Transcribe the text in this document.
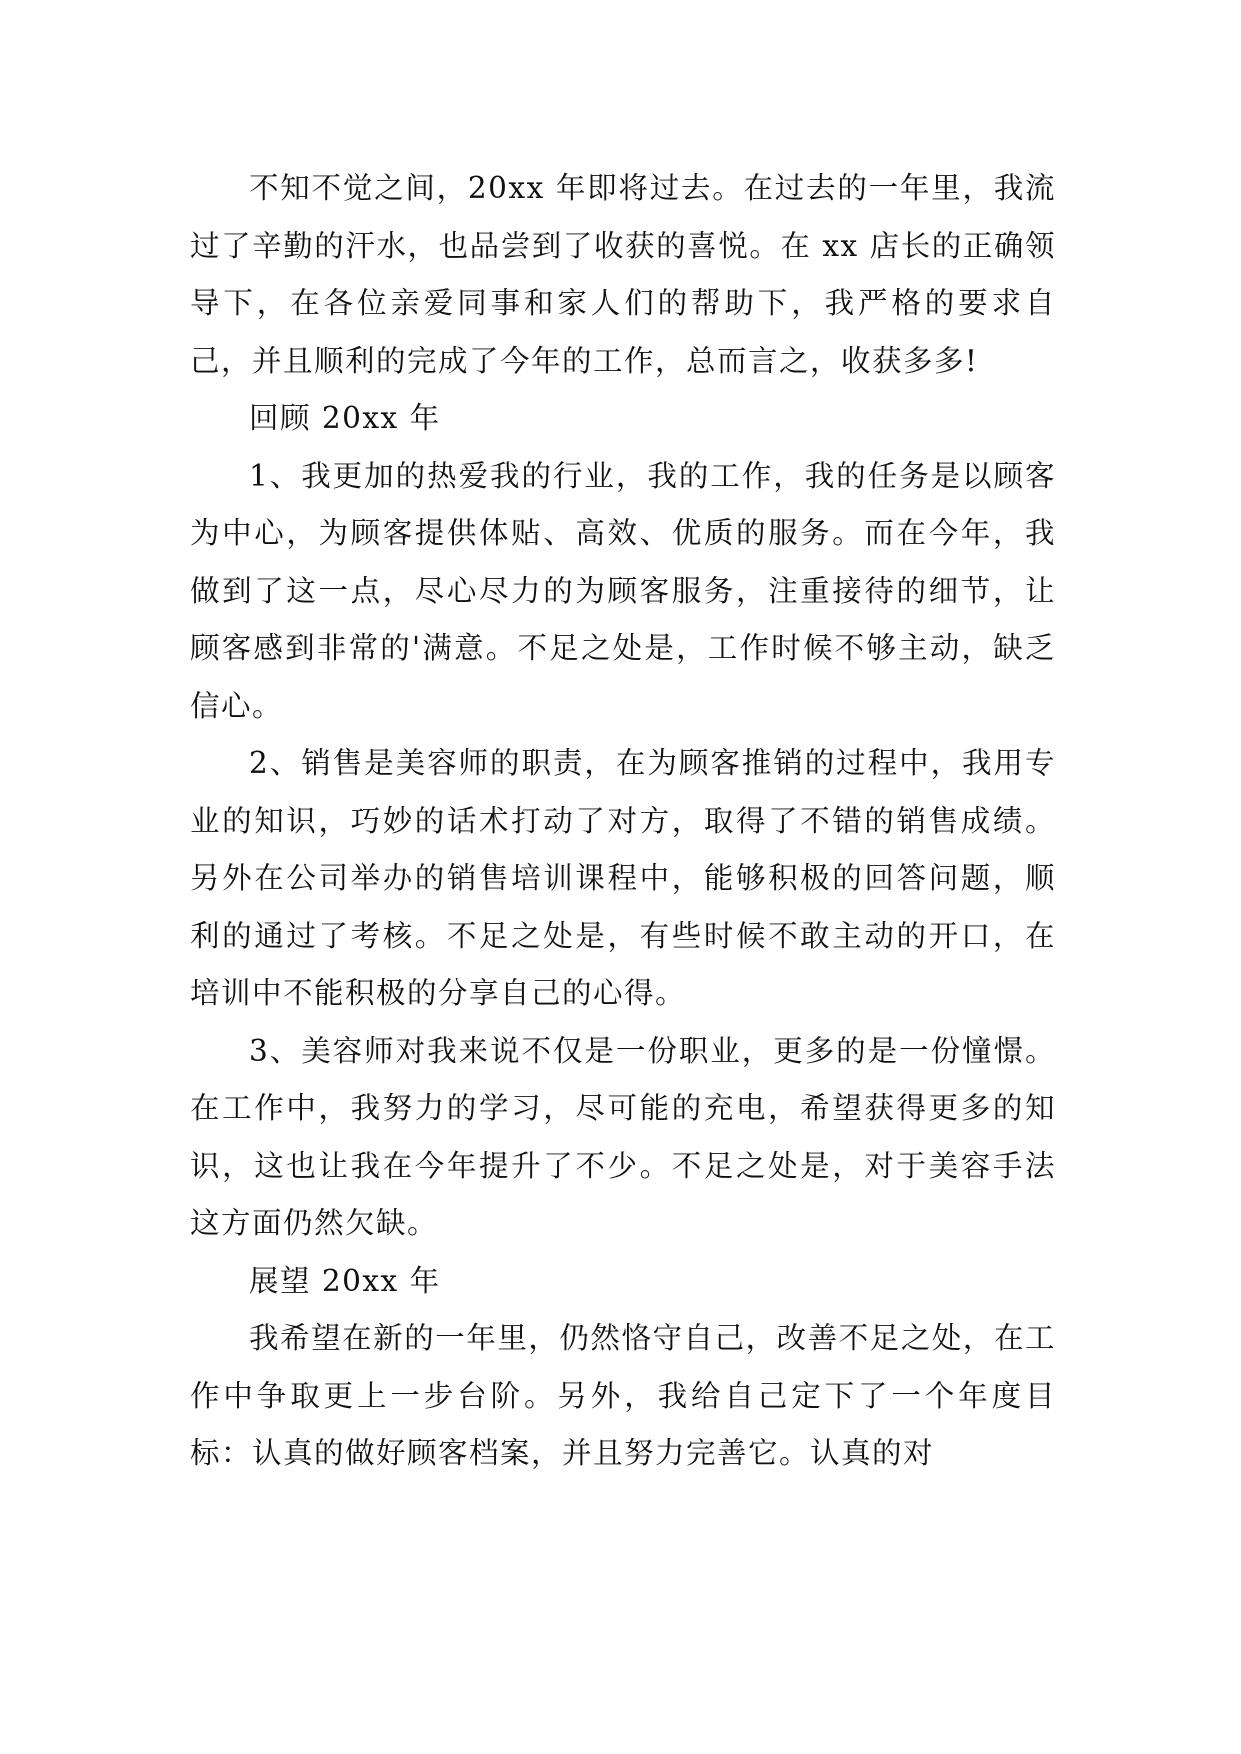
不知不觉之间，20xx 年即将过去。在过去的一年里，我流过了辛勤的汗水，也品尝到了收获的喜悦。在 xx 店长的正确领导下，在各位亲爱同事和家人们的帮助下，我严格的要求自己，并且顺利的完成了今年的工作，总而言之，收获多多!

回顾 20xx 年

1、我更加的热爱我的行业，我的工作，我的任务是以顾客为中心，为顾客提供体贴、高效、优质的服务。而在今年，我做到了这一点，尽心尽力的为顾客服务，注重接待的细节，让顾客感到非常的'满意。不足之处是，工作时候不够主动，缺乏信心。

2、销售是美容师的职责，在为顾客推销的过程中，我用专业的知识，巧妙的话术打动了对方，取得了不错的销售成绩。另外在公司举办的销售培训课程中，能够积极的回答问题，顺利的通过了考核。不足之处是，有些时候不敢主动的开口，在培训中不能积极的分享自己的心得。

3、美容师对我来说不仅是一份职业，更多的是一份憧憬。在工作中，我努力的学习，尽可能的充电，希望获得更多的知识，这也让我在今年提升了不少。不足之处是，对于美容手法这方面仍然欠缺。

展望 20xx 年

我希望在新的一年里，仍然恪守自己，改善不足之处，在工作中争取更上一步台阶。另外，我给自己定下了一个年度目标：认真的做好顾客档案，并且努力完善它。认真的对
